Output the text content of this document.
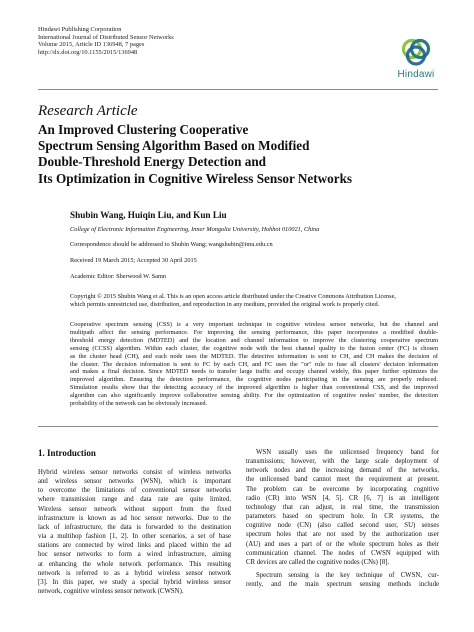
Hindawi Publishing Corporation
International Journal of Distributed Sensor Networks
Volume 2015, Article ID 136948, 7 pages
http://dx.doi.org/10.1155/2015/136948
Hindawi
Research Article
An Improved Clustering Cooperative
Spectrum Sensing Algorithm Based on Modified
Double-Threshold Energy Detection and
Its Optimization in Cognitive Wireless Sensor Networks
Shubin Wang, Huiqin Liu, and Kun Liu
College of Electronic Information Engineering, Inner Mongolia University, Hohhot 010021, China
Correspondence should be addressed to Shubin Wang; wangshubin@imu.edu.cn
Received 19 March 2015; Accepted 30 April 2015
Academic Editor: Sherwood W. Samn
Copyright © 2015 Shubin Wang et al. This is an open access article distributed under the Creative Commons Attribution License,
which permits unrestricted use, distribution, and reproduction in any medium, provided the original work is properly cited.
Cooperative spectrum sensing (CSS) is a very important technique in cognitive wireless sensor networks, but the channel and
multipath affect the sensing performance. For improving the sensing performance, this paper incorporates a modified double-
threshold energy detection (MDTED) and the location and channel information to improve the clustering cooperative spectrum
sensing (CCSS) algorithm. Within each cluster, the cognitive node with the best channel quality to the fusion center (FC) is chosen
as the cluster head (CH), and each node uses the MDTED. The detective information is sent to CH, and CH makes the decision of
the cluster. The decision information is sent to FC by each CH, and FC uses the "or" rule to fuse all clusters' decision information
and makes a final decision. Since MDTED needs to transfer large traffic and occupy channel widely, this paper further optimizes the
improved algorithm. Ensuring the detection performance, the cognitive nodes participating in the sensing are properly reduced.
Simulation results show that the detecting accuracy of the improved algorithm is higher than conventional CSS, and the improved
algorithm can also significantly improve collaborative sensing ability. For the optimization of cognitive nodes' number, the detection
probability of the network can be obviously increased.
1. Introduction
Hybrid wireless sensor networks consist of wireless networks
and wireless sensor networks (WSN), which is important
to overcome the limitations of conventional sensor networks
where transmission range and data rate are quite limited.
Wireless sensor network without support from the fixed
infrastructure is known as ad hoc sensor networks. Due to the
lack of infrastructure, the data is forwarded to the destination
via a multihop fashion [1, 2]. In other scenarios, a set of base
stations are connected by wired links and placed within the ad
hoc sensor networks to form a wired infrastructure, aiming
at enhancing the whole network performance. This resulting
network is referred to as a hybrid wireless sensor network
[3]. In this paper, we study a special hybrid wireless sensor
network, cognitive wireless sensor network (CWSN).
WSN usually uses the unlicensed frequency band for
transmissions; however, with the large scale deployment of
network nodes and the increasing demand of the networks,
the unlicensed band cannot meet the requirement at present.
The problem can be overcome by incorporating cognitive
radio (CR) into WSN [4, 5]. CR [6, 7] is an intelligent
technology that can adjust, in real time, the transmission
parameters based on spectrum hole. In CR systems, the
cognitive node (CN) (also called second user, SU) senses
spectrum holes that are not used by the authorization user
(AU) and uses a part of or the whole spectrum holes as their
communication channel. The nodes of CWSN equipped with
CR devices are called the cognitive nodes (CNs) [8].
Spectrum sensing is the key technique of CWSN, cur-
rently, and the main spectrum sensing methods include
